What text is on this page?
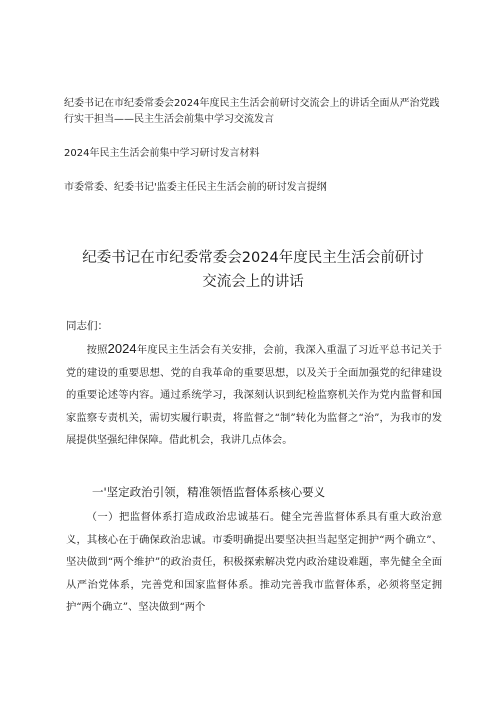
纪委书记在市纪委常委会2024年度民主生活会前研讨交流会上的讲话全面从严治党践行实干担当——民主生活会前集中学习交流发言
2024年民主生活会前集中学习研讨发言材料
市委常委、纪委书记'监委主任民主生活会前的研讨发言提纲
纪委书记在市纪委常委会2024年度民主生活会前研讨交流会上的讲话
同志们：

按照2024年度民主生活会有关安排，会前，我深入重温了习近平总书记关于党的建设的重要思想、党的自我革命的重要思想，以及关于全面加强党的纪律建设的重要论述等内容。通过系统学习，我深刻认识到纪检监察机关作为党内监督和国家监察专责机关，需切实履行职责，将监督之“制”转化为监督之“治”，为我市的发展提供坚强纪律保障。借此机会，我讲几点体会。

一'坚定政治引领，精准领悟监督体系核心要义

（一）把监督体系打造成政治忠诚基石。健全完善监督体系具有重大政治意义，其核心在于确保政治忠诚。市委明确提出要坚决担当起坚定拥护“两个确立”、坚决做到“两个维护”的政治责任，积极探索解决党内政治建设难题，率先健全全面从严治党体系，完善党和国家监督体系。推动完善我市监督体系，必须将坚定拥护“两个确立”、坚决做到“两个
